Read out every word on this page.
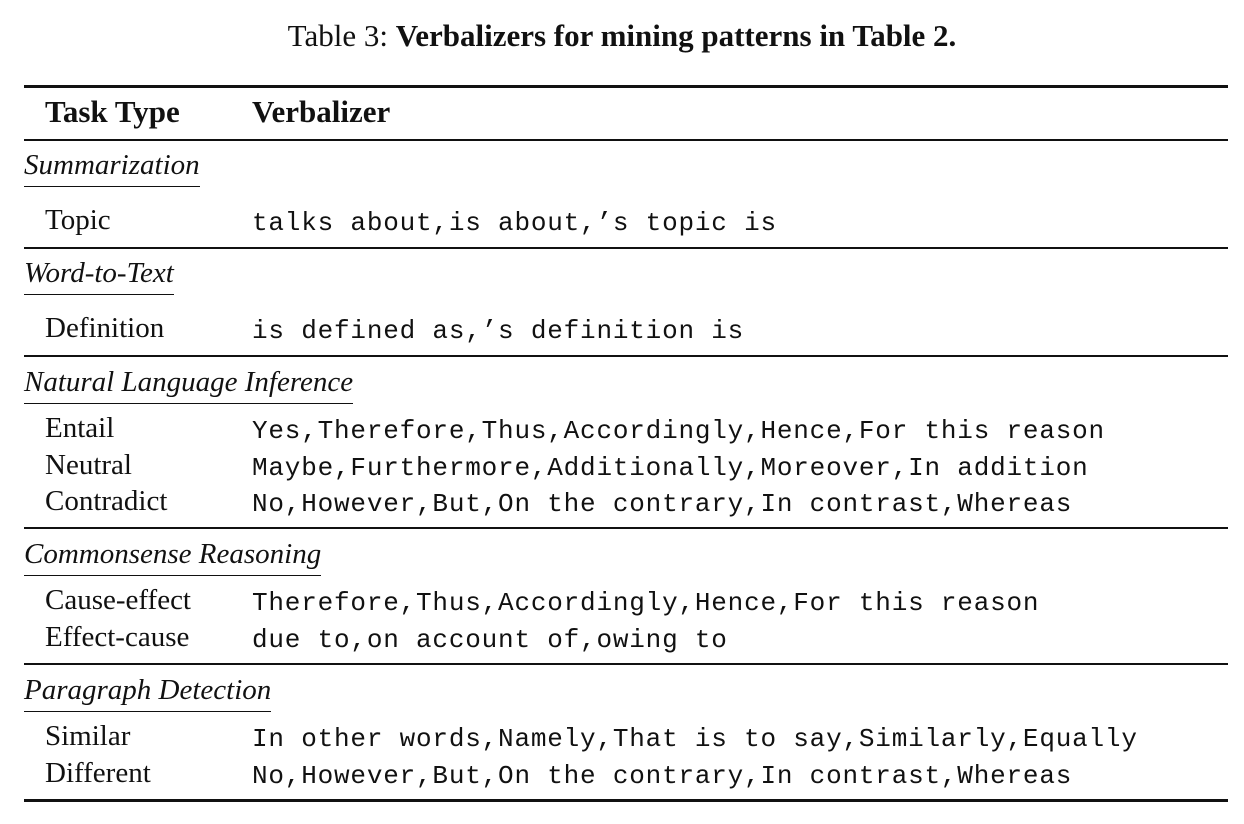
Table 3: Verbalizers for mining patterns in Table 2.
Task Type Verbalizer
Summarization
Topic	talks about,is about,’s topic is
Word-to-Text
Definition	is defined as,’s definition is
Natural Language Inference
Entail	Yes,Therefore,Thus,Accordingly,Hence,For this reason
Neutral	Maybe,Furthermore,Additionally,Moreover,In addition
Contradict	No,However,But,On the contrary,In contrast,Whereas
Commonsense Reasoning
Cause-effect Therefore,Thus,Accordingly,Hence,For this reason
Effect-cause due to,on account of,owing to
Paragraph Detection
Similar	In other words,Namely,That is to say,Similarly,Equally
Different	No,However,But,On the contrary,In contrast,Whereas
